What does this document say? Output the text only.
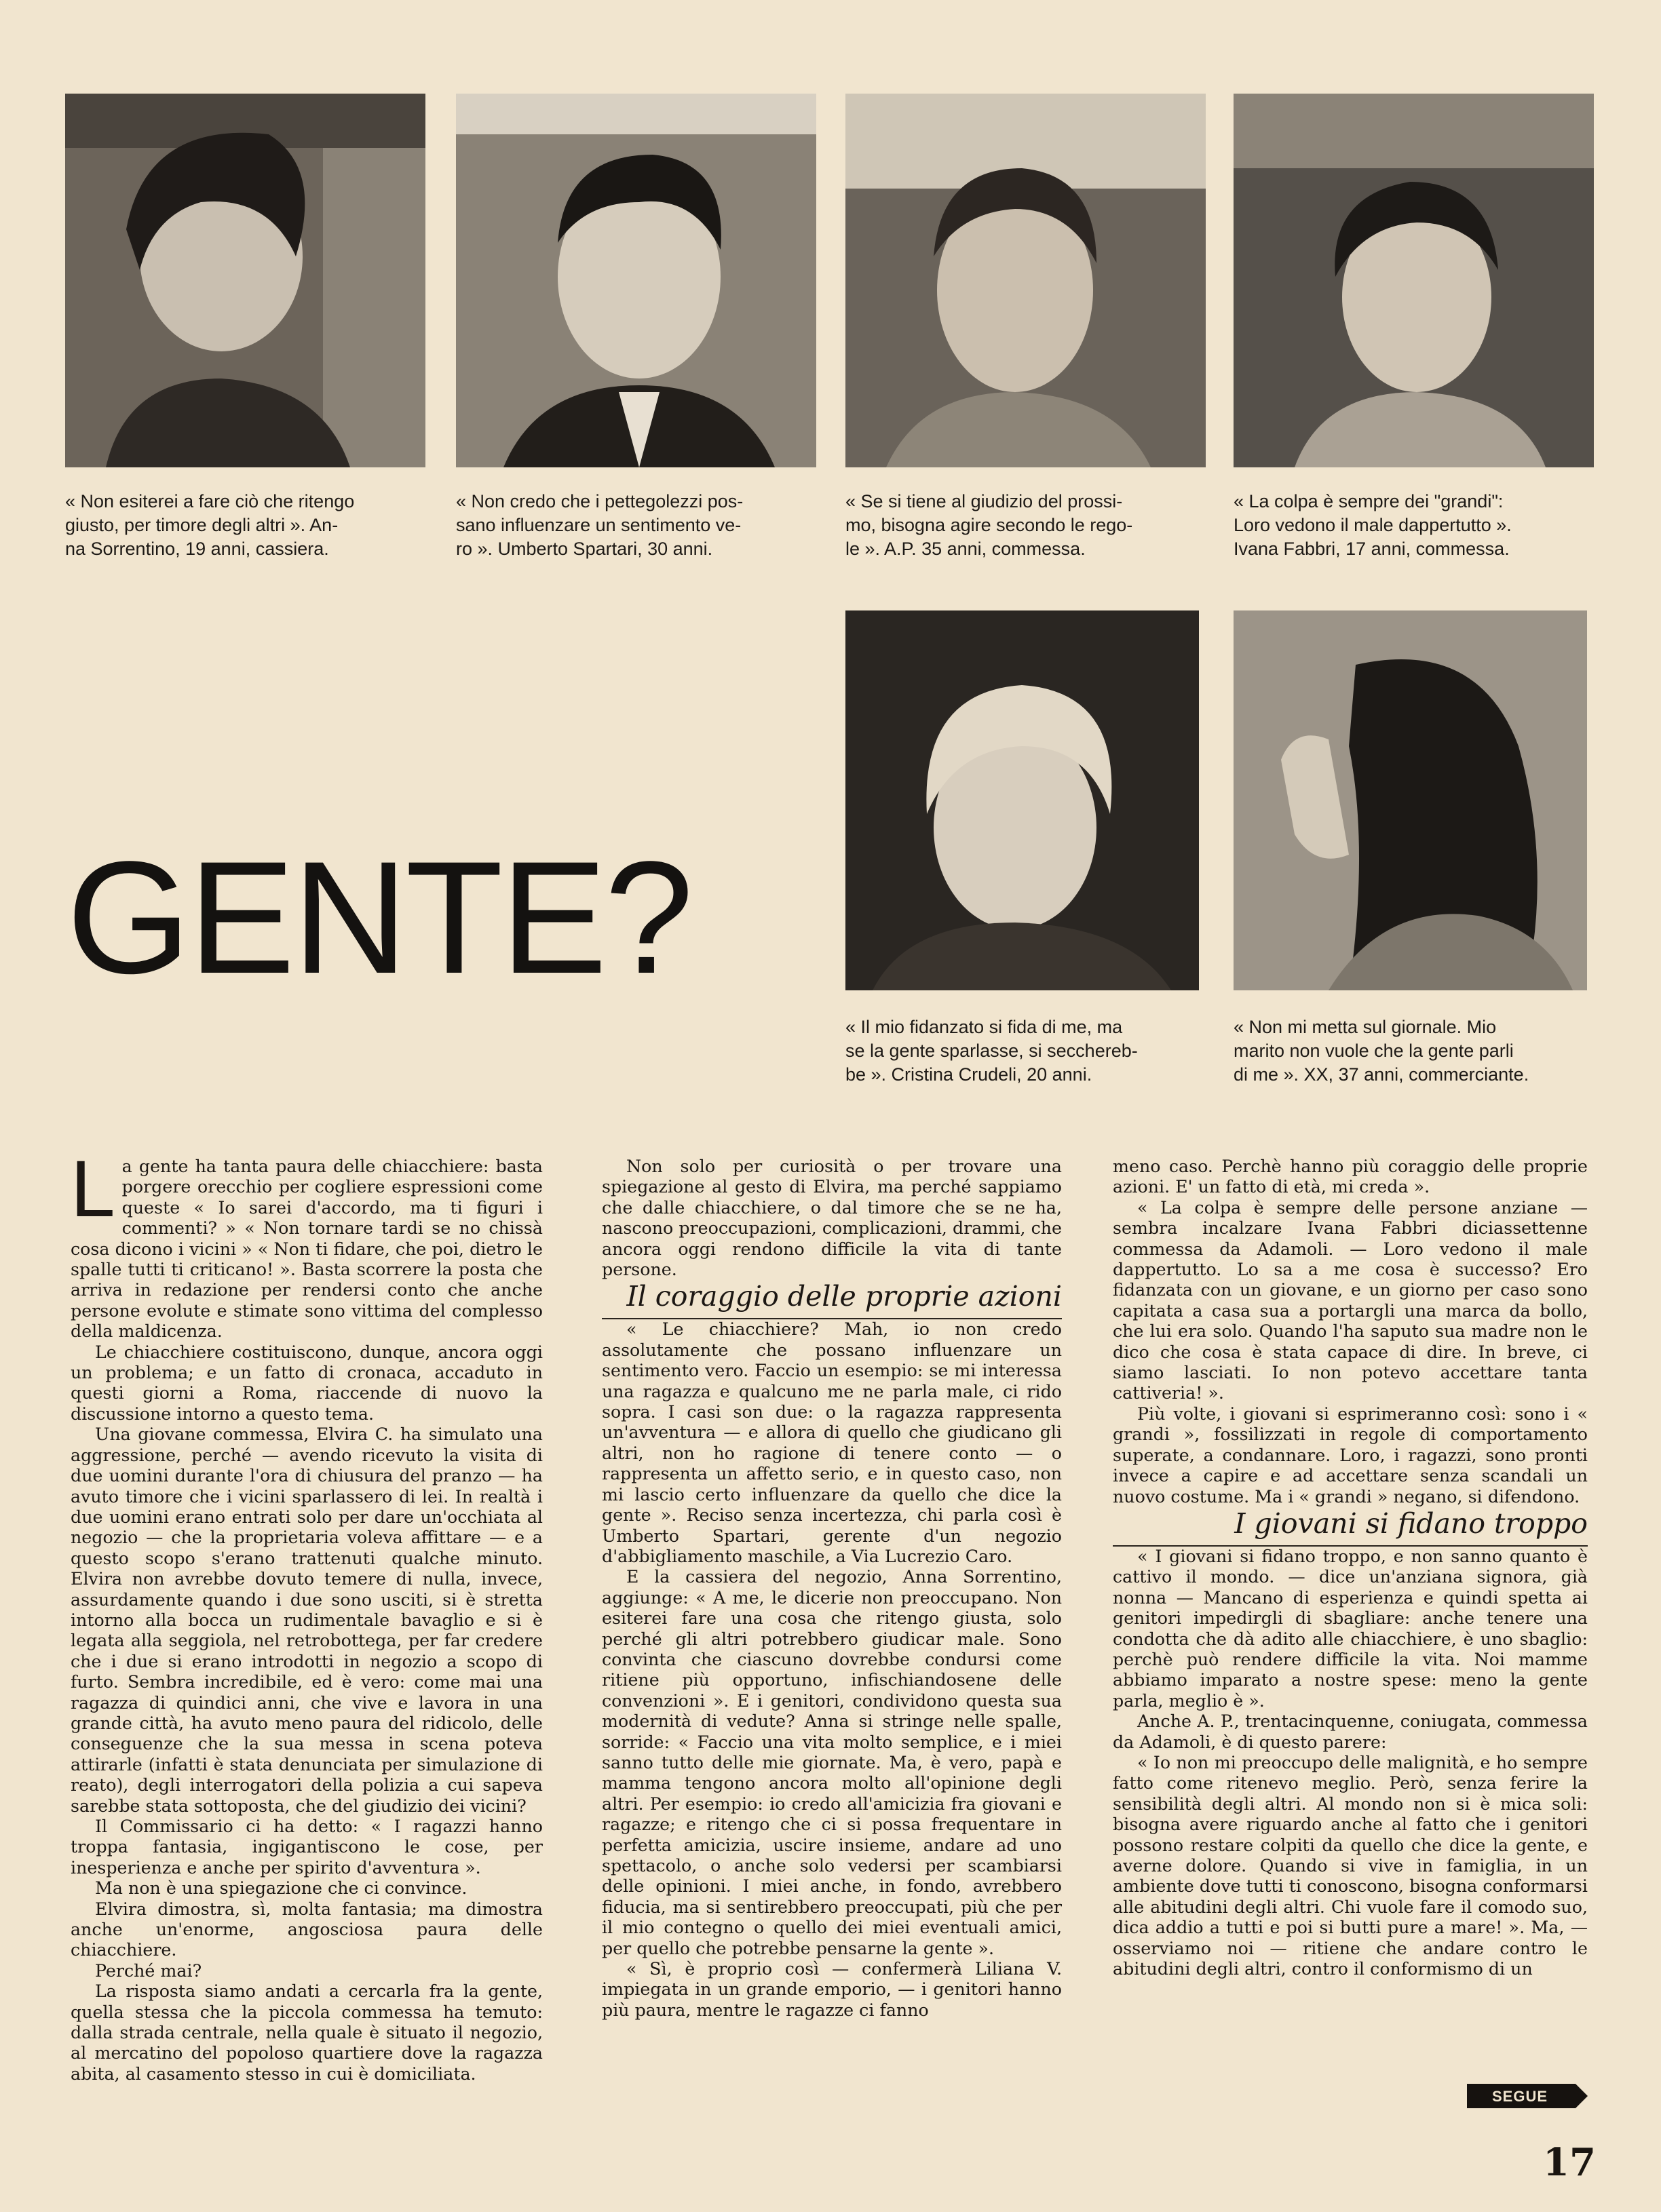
« Non esiterei a fare ciò che ritengo
giusto, per timore degli altri ». An-
na Sorrentino, 19 anni, cassiera.

« Non credo che i pettegolezzi pos-
sano influenzare un sentimento ve-
ro ». Umberto Spartari, 30 anni.

« Se si tiene al giudizio del prossi-
mo, bisogna agire secondo le rego-
le ». A.P. 35 anni, commessa.

« La colpa è sempre dei "grandi":
Loro vedono il male dappertutto ».
Ivana Fabbri, 17 anni, commessa.

« Il mio fidanzato si fida di me, ma
se la gente sparlasse, si secchereb-
be ». Cristina Crudeli, 20 anni.

« Non mi metta sul giornale. Mio
marito non vuole che la gente parli
di me ». XX, 37 anni, commerciante.

GENTE?

La gente ha tanta paura delle chiacchiere: basta porgere orecchio per cogliere espressioni come queste « Io sarei d'accordo, ma ti figuri i commenti? » « Non tornare tardi se no chissà cosa dicono i vicini » « Non ti fidare, che poi, dietro le spalle tutti ti criticano! ». Basta scorrere la posta che arriva in redazione per rendersi conto che anche persone evolute e stimate sono vittima del complesso della maldicenza.

Le chiacchiere costituiscono, dunque, ancora oggi un problema; e un fatto di cronaca, accaduto in questi giorni a Roma, riaccende di nuovo la discussione intorno a questo tema.

Una giovane commessa, Elvira C. ha simulato una aggressione, perché — avendo ricevuto la visita di due uomini durante l'ora di chiusura del pranzo — ha avuto timore che i vicini sparlassero di lei. In realtà i due uomini erano entrati solo per dare un'occhiata al negozio — che la proprietaria voleva affittare — e a questo scopo s'erano trattenuti qualche minuto. Elvira non avrebbe dovuto temere di nulla, invece, assurdamente quando i due sono usciti, si è stretta intorno alla bocca un rudimentale bavaglio e si è legata alla seggiola, nel retrobottega, per far credere che i due si erano introdotti in negozio a scopo di furto. Sembra incredibile, ed è vero: come mai una ragazza di quindici anni, che vive e lavora in una grande città, ha avuto meno paura del ridicolo, delle conseguenze che la sua messa in scena poteva attirarle (infatti è stata denunciata per simulazione di reato), degli interrogatori della polizia a cui sapeva sarebbe stata sottoposta, che del giudizio dei vicini?

Il Commissario ci ha detto: « I ragazzi hanno troppa fantasia, ingigantiscono le cose, per inesperienza e anche per spirito d'avventura ».

Ma non è una spiegazione che ci convince.

Elvira dimostra, sì, molta fantasia; ma dimostra anche un'enorme, angosciosa paura delle chiacchiere.

Perché mai?

La risposta siamo andati a cercarla fra la gente, quella stessa che la piccola commessa ha temuto: dalla strada centrale, nella quale è situato il negozio, al mercatino del popoloso quartiere dove la ragazza abita, al casamento stesso in cui è domiciliata.

Non solo per curiosità o per trovare una spiegazione al gesto di Elvira, ma perché sappiamo che dalle chiacchiere, o dal timore che se ne ha, nascono preoccupazioni, complicazioni, drammi, che ancora oggi rendono difficile la vita di tante persone.

Il coraggio delle proprie azioni

« Le chiacchiere? Mah, io non credo assolutamente che possano influenzare un sentimento vero. Faccio un esempio: se mi interessa una ragazza e qualcuno me ne parla male, ci rido sopra. I casi son due: o la ragazza rappresenta un'avventura — e allora di quello che giudicano gli altri, non ho ragione di tenere conto — o rappresenta un affetto serio, e in questo caso, non mi lascio certo influenzare da quello che dice la gente ». Reciso senza incertezza, chi parla così è Umberto Spartari, gerente d'un negozio d'abbigliamento maschile, a Via Lucrezio Caro.

E la cassiera del negozio, Anna Sorrentino, aggiunge: « A me, le dicerie non preoccupano. Non esiterei fare una cosa che ritengo giusta, solo perché gli altri potrebbero giudicar male. Sono convinta che ciascuno dovrebbe condursi come ritiene più opportuno, infischiandosene delle convenzioni ». E i genitori, condividono questa sua modernità di vedute? Anna si stringe nelle spalle, sorride: « Faccio una vita molto semplice, e i miei sanno tutto delle mie giornate. Ma, è vero, papà e mamma tengono ancora molto all'opinione degli altri. Per esempio: io credo all'amicizia fra giovani e ragazze; e ritengo che ci si possa frequentare in perfetta amicizia, uscire insieme, andare ad uno spettacolo, o anche solo vedersi per scambiarsi delle opinioni. I miei anche, in fondo, avrebbero fiducia, ma si sentirebbero preoccupati, più che per il mio contegno o quello dei miei eventuali amici, per quello che potrebbe pensarne la gente ».

« Sì, è proprio così — confermerà Liliana V. impiegata in un grande emporio, — i genitori hanno più paura, mentre le ragazze ci fanno

meno caso. Perchè hanno più coraggio delle proprie azioni. E' un fatto di età, mi creda ».

« La colpa è sempre delle persone anziane — sembra incalzare Ivana Fabbri diciassettenne commessa da Adamoli. — Loro vedono il male dappertutto. Lo sa a me cosa è successo? Ero fidanzata con un giovane, e un giorno per caso sono capitata a casa sua a portargli una marca da bollo, che lui era solo. Quando l'ha saputo sua madre non le dico che cosa è stata capace di dire. In breve, ci siamo lasciati. Io non potevo accettare tanta cattiveria! ».

Più volte, i giovani si esprimeranno così: sono i « grandi », fossilizzati in regole di comportamento superate, a condannare. Loro, i ragazzi, sono pronti invece a capire e ad accettare senza scandali un nuovo costume. Ma i « grandi » negano, si difendono.

I giovani si fidano troppo

« I giovani si fidano troppo, e non sanno quanto è cattivo il mondo. — dice un'anziana signora, già nonna — Mancano di esperienza e quindi spetta ai genitori impedirgli di sbagliare: anche tenere una condotta che dà adito alle chiacchiere, è uno sbaglio: perchè può rendere difficile la vita. Noi mamme abbiamo imparato a nostre spese: meno la gente parla, meglio è ».

Anche A. P., trentacinquenne, coniugata, commessa da Adamoli, è di questo parere:

« Io non mi preoccupo delle malignità, e ho sempre fatto come ritenevo meglio. Però, senza ferire la sensibilità degli altri. Al mondo non si è mica soli: bisogna avere riguardo anche al fatto che i genitori possono restare colpiti da quello che dice la gente, e averne dolore. Quando si vive in famiglia, in un ambiente dove tutti ti conoscono, bisogna conformarsi alle abitudini degli altri. Chi vuole fare il comodo suo, dica addio a tutti e poi si butti pure a mare! ». Ma, — osserviamo noi — ritiene che andare contro le abitudini degli altri, contro il conformismo di un

SEGUE

17
